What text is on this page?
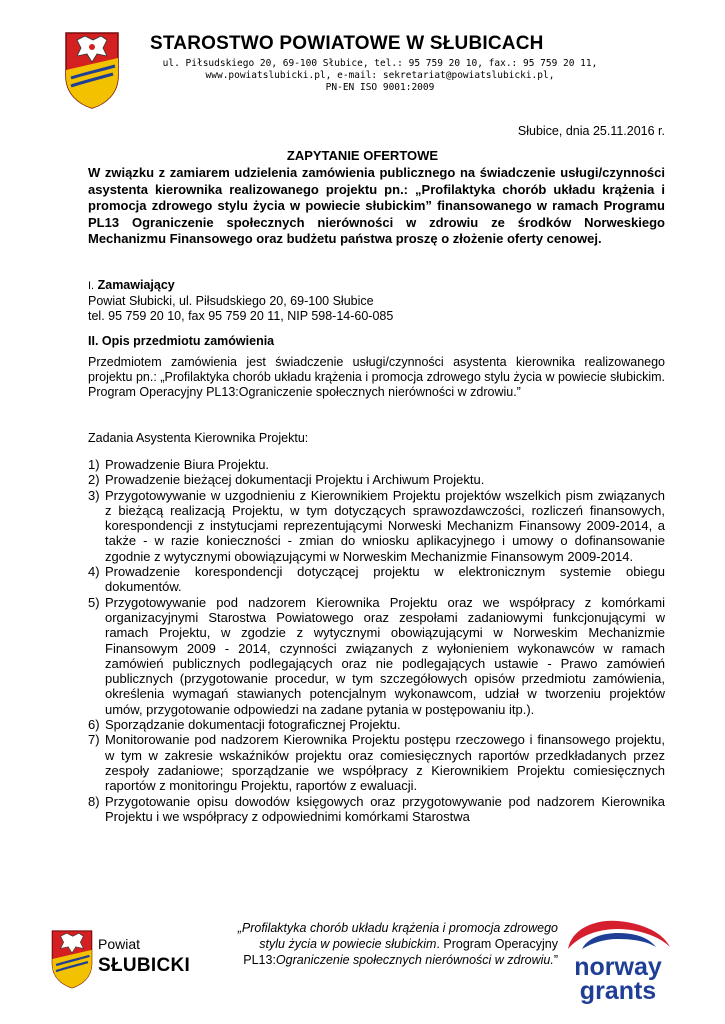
STAROSTWO POWIATOWE W SŁUBICACH
ul. Piłsudskiego 20, 69-100 Słubice, tel.: 95 759 20 10, fax.: 95 759 20 11,
www.powiatslubicki.pl, e-mail: sekretariat@powiatslubicki.pl,
PN-EN ISO 9001:2009
Słubice, dnia 25.11.2016 r.
ZAPYTANIE OFERTOWE

W związku z zamiarem udzielenia zamówienia publicznego na świadczenie usługi/czynności asystenta kierownika realizowanego projektu pn.: „Profilaktyka chorób układu krążenia i promocja zdrowego stylu życia w powiecie słubickim” finansowanego w ramach Programu PL13 Ograniczenie społecznych nierówności w zdrowiu ze środków Norweskiego Mechanizmu Finansowego oraz budżetu państwa proszę o złożenie oferty cenowej.

I. Zamawiający
Powiat Słubicki, ul. Piłsudskiego 20, 69-100 Słubice
tel. 95 759 20 10, fax 95 759 20 11, NIP 598-14-60-085
II. Opis przedmiotu zamówienia
Przedmiotem zamówienia jest świadczenie usługi/czynności asystenta kierownika realizowanego projektu pn.: „Profilaktyka chorób układu krążenia i promocja zdrowego stylu życia w powiecie słubickim. Program Operacyjny PL13:Ograniczenie społecznych nierówności w zdrowiu.”
Zadania Asystenta Kierownika Projektu:
1) Prowadzenie Biura Projektu.
2) Prowadzenie bieżącej dokumentacji Projektu i Archiwum Projektu.
3) Przygotowywanie w uzgodnieniu z Kierownikiem Projektu projektów wszelkich pism związanych z bieżącą realizacją Projektu, w tym dotyczących sprawozdawczości, rozliczeń finansowych, korespondencji z instytucjami reprezentującymi Norweski Mechanizm Finansowy 2009-2014, a także - w razie konieczności - zmian do wniosku aplikacyjnego i umowy o dofinansowanie zgodnie z wytycznymi obowiązującymi w Norweskim Mechanizmie Finansowym 2009-2014.
4) Prowadzenie korespondencji dotyczącej projektu w elektronicznym systemie obiegu dokumentów.
5) Przygotowywanie pod nadzorem Kierownika Projektu oraz we współpracy z komórkami organizacyjnymi Starostwa Powiatowego oraz zespołami zadaniowymi funkcjonującymi w ramach Projektu, w zgodzie z wytycznymi obowiązującymi w Norweskim Mechanizmie Finansowym 2009 - 2014, czynności związanych z wyłonieniem wykonawców w ramach zamówień publicznych podlegających oraz nie podlegających ustawie - Prawo zamówień publicznych (przygotowanie procedur, w tym szczegółowych opisów przedmiotu zamówienia, określenia wymagań stawianych potencjalnym wykonawcom, udział w tworzeniu projektów umów, przygotowanie odpowiedzi na zadane pytania w postępowaniu itp.).
6) Sporządzanie dokumentacji fotograficznej Projektu.
7) Monitorowanie pod nadzorem Kierownika Projektu postępu rzeczowego i finansowego projektu, w tym w zakresie wskaźników projektu oraz comiesięcznych raportów przedkładanych przez zespoły zadaniowe; sporządzanie we współpracy z Kierownikiem Projektu comiesięcznych raportów z monitoringu Projektu, raportów z ewaluacji.
8) Przygotowanie opisu dowodów księgowych oraz przygotowywanie pod nadzorem Kierownika Projektu i we współpracy z odpowiednimi komórkami Starostwa
Powiat
SŁUBICKI
„Profilaktyka chorób układu krążenia i promocja zdrowego
stylu życia w powiecie słubickim. Program Operacyjny
PL13:Ograniczenie społecznych nierówności w zdrowiu.” norway
grants
